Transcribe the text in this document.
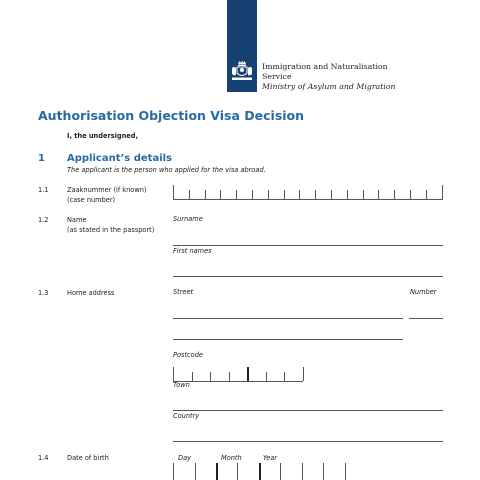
Immigration and Naturalisation
Service
Ministry of Asylum and Migration
Authorisation Objection Visa Decision
I, the undersigned,
1 Applicant’s details
The applicant is the person who applied for the visa abroad.
1.1	Zaaknummer (if known)
(case number)
1.2	Name
(as stated in the passport)
Surname
First names
1.3	Home address	Street	Number
Postcode
Town
Country
1.4	Date of birth	Day	Month	Year
